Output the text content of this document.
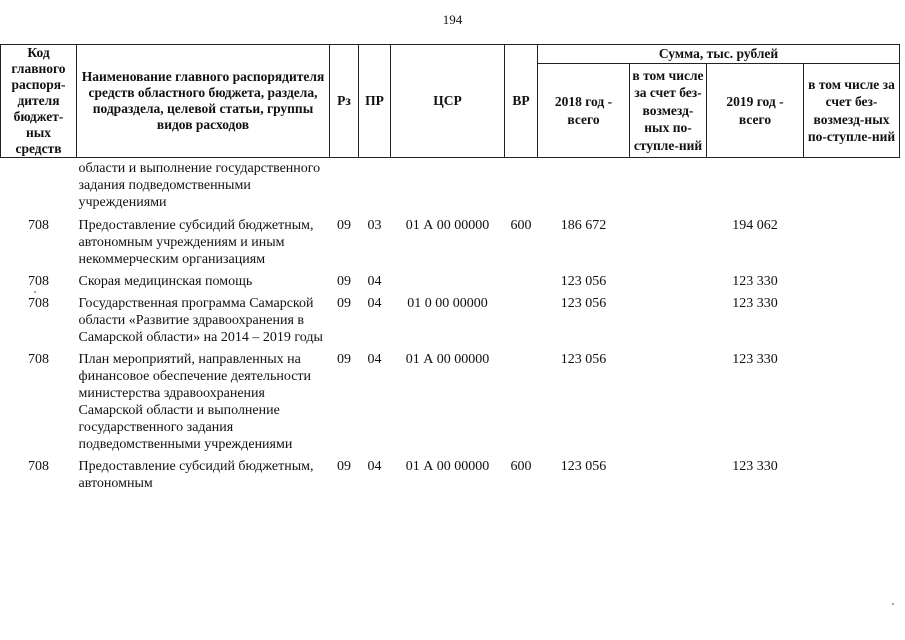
194
Код главного распоря-дителя бюджет-ных средств	Наименование главного распорядителя средств областного бюджета, раздела, подраздела, целевой статьи, группы видов расходов	Рз	ПР	ЦСР	ВР	Сумма, тыс. рублей			
						2018 год - всего	в том числе за счет без-возмезд-ных по-ступле-ний	2019 год - всего	в том числе за счет без-возмезд-ных по-ступле-ний
	области и выполнение государственного задания подведомственными учреждениями								
708	Предоставление субсидий бюджетным, автономным учреждениям и иным некоммерческим организациям	09	03	01 А 00 00000	600	186 672		194 062	
708	Скорая медицинская помощь	09	04			123 056		123 330	
708	Государственная программа Самарской области «Развитие здравоохранения в Самарской области» на 2014 – 2019 годы	09	04	01 0 00 00000		123 056		123 330	
708	План мероприятий, направленных на финансовое обеспечение деятельности министерства здравоохранения Самарской области и выполнение государственного задания подведомственными учреждениями	09	04	01 А 00 00000		123 056		123 330	
708	Предоставление субсидий бюджетным, автономным	09	04	01 А 00 00000	600	123 056		123 330	
